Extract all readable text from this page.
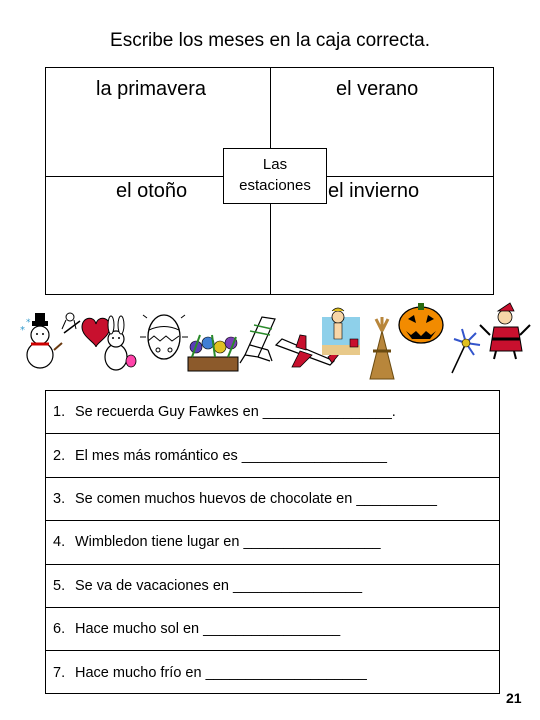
Escribe los meses en la caja correcta.
la primavera	el verano
el otoño	el invierno
Las
estaciones
*
*
1. Se recuerda Guy Fawkes en ________________.
2. El mes más romántico es __________________
3. Se comen muchos huevos de chocolate en __________
4. Wimbledon tiene lugar en _________________
5. Se va de vacaciones en ________________
6. Hace mucho sol en _________________
7. Hace mucho frío en ____________________
21
